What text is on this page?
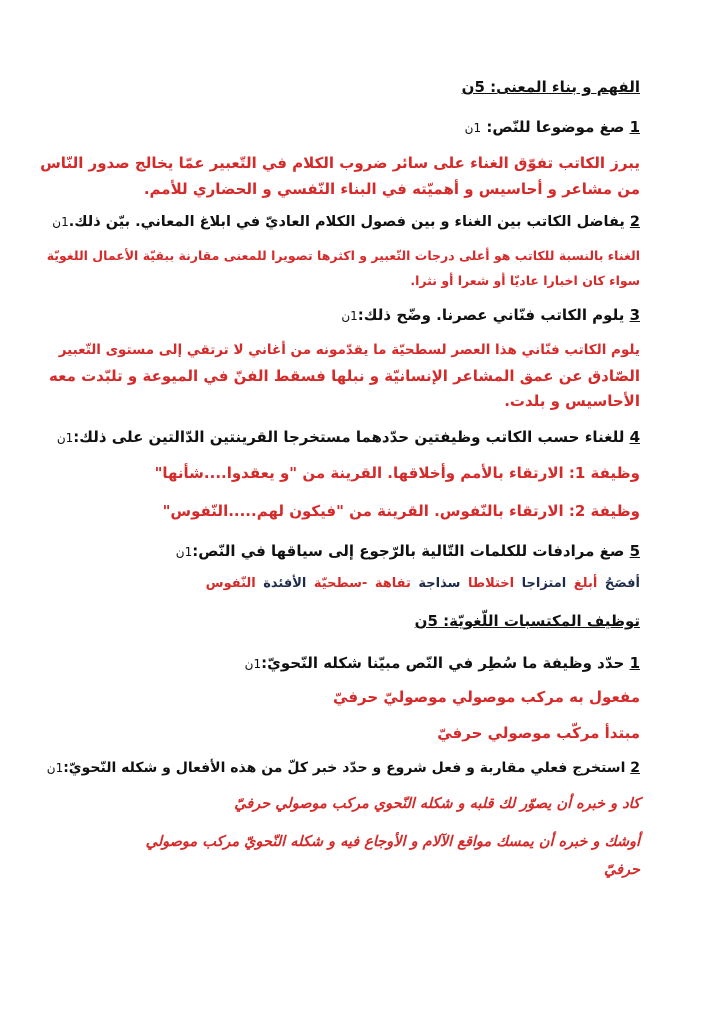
الفهم و بناء المعنى: 5ن
1 صغ موضوعا للنّص: 1ن
يبرز الكاتب تفوّق الغناء على سائر ضروب الكلام في التّعبير عمّا يخالج صدور النّاس
من مشاعر و أحاسيس و أهميّته في البناء النّفسي و الحضاري للأمم.
2 يفاضل الكاتب بين الغناء و بين فصول الكلام العاديّ في ابلاغ المعاني. بيّن ذلك.1ن
الغناء بالنسبة للكاتب هو أعلى درجات التّعبير و اكثرها تصويرا للمعنى مقارنة ببقيّة الأعمال اللغويّة
سواء كان اخبارا عاديّا أو شعرا أو نثرا.
3 يلوم الكاتب فنّاني عصرنا. وضّح ذلك:1ن
يلوم الكاتب فنّاني هذا العصر لسطحيّة ما يقدّمونه من أغاني لا ترتقي إلى مستوى التّعبير
الصّادق عن عمق المشاعر الإنسانيّة و نبلها فسقط الفنّ في الميوعة و تلبّدت معه
الأحاسيس و بلدت.
4 للغناء حسب الكاتب وظيفتين حدّدهما مستخرجا القرينتين الدّالتين على ذلك:1ن
وظيفة 1: الارتقاء بالأمم وأخلاقها. القرينة من "و يعقدوا....شأنها"
وظيفة 2: الارتقاء بالنّفوس. القرينة من "فيكون لهم.....النّفوس"
5 صغ مرادفات للكلمات التّالية بالرّجوع إلى سياقها في النّص:1ن
أفصَحُ أبلغ امتزاجا اختلاطا سذاجة تفاهة -سطحيّة الأفئدة النّفوس
توظيف المكتسبات اللّغويّة: 5ن
1 حدّد وظيفة ما سُطِر في النّص مبيّنا شكله النّحويّ:1ن
مفعول به مركب موصولي موصوليّ حرفيّ
مبتدأ مركّب موصولي حرفيّ
2 استخرج فعلي مقاربة و فعل شروع و حدّد خبر كلّ من هذه الأفعال و شكله النّحويّ:1ن
كاد و خبره أن يصوّر لك قلبه و شكله النّحوي مركب موصولي حرفيّ
أوشك و خبره أن يمسك مواقع الآلام و الأوجاع فيه و شكله النّحويّ مركب موصولي
حرفيّ
